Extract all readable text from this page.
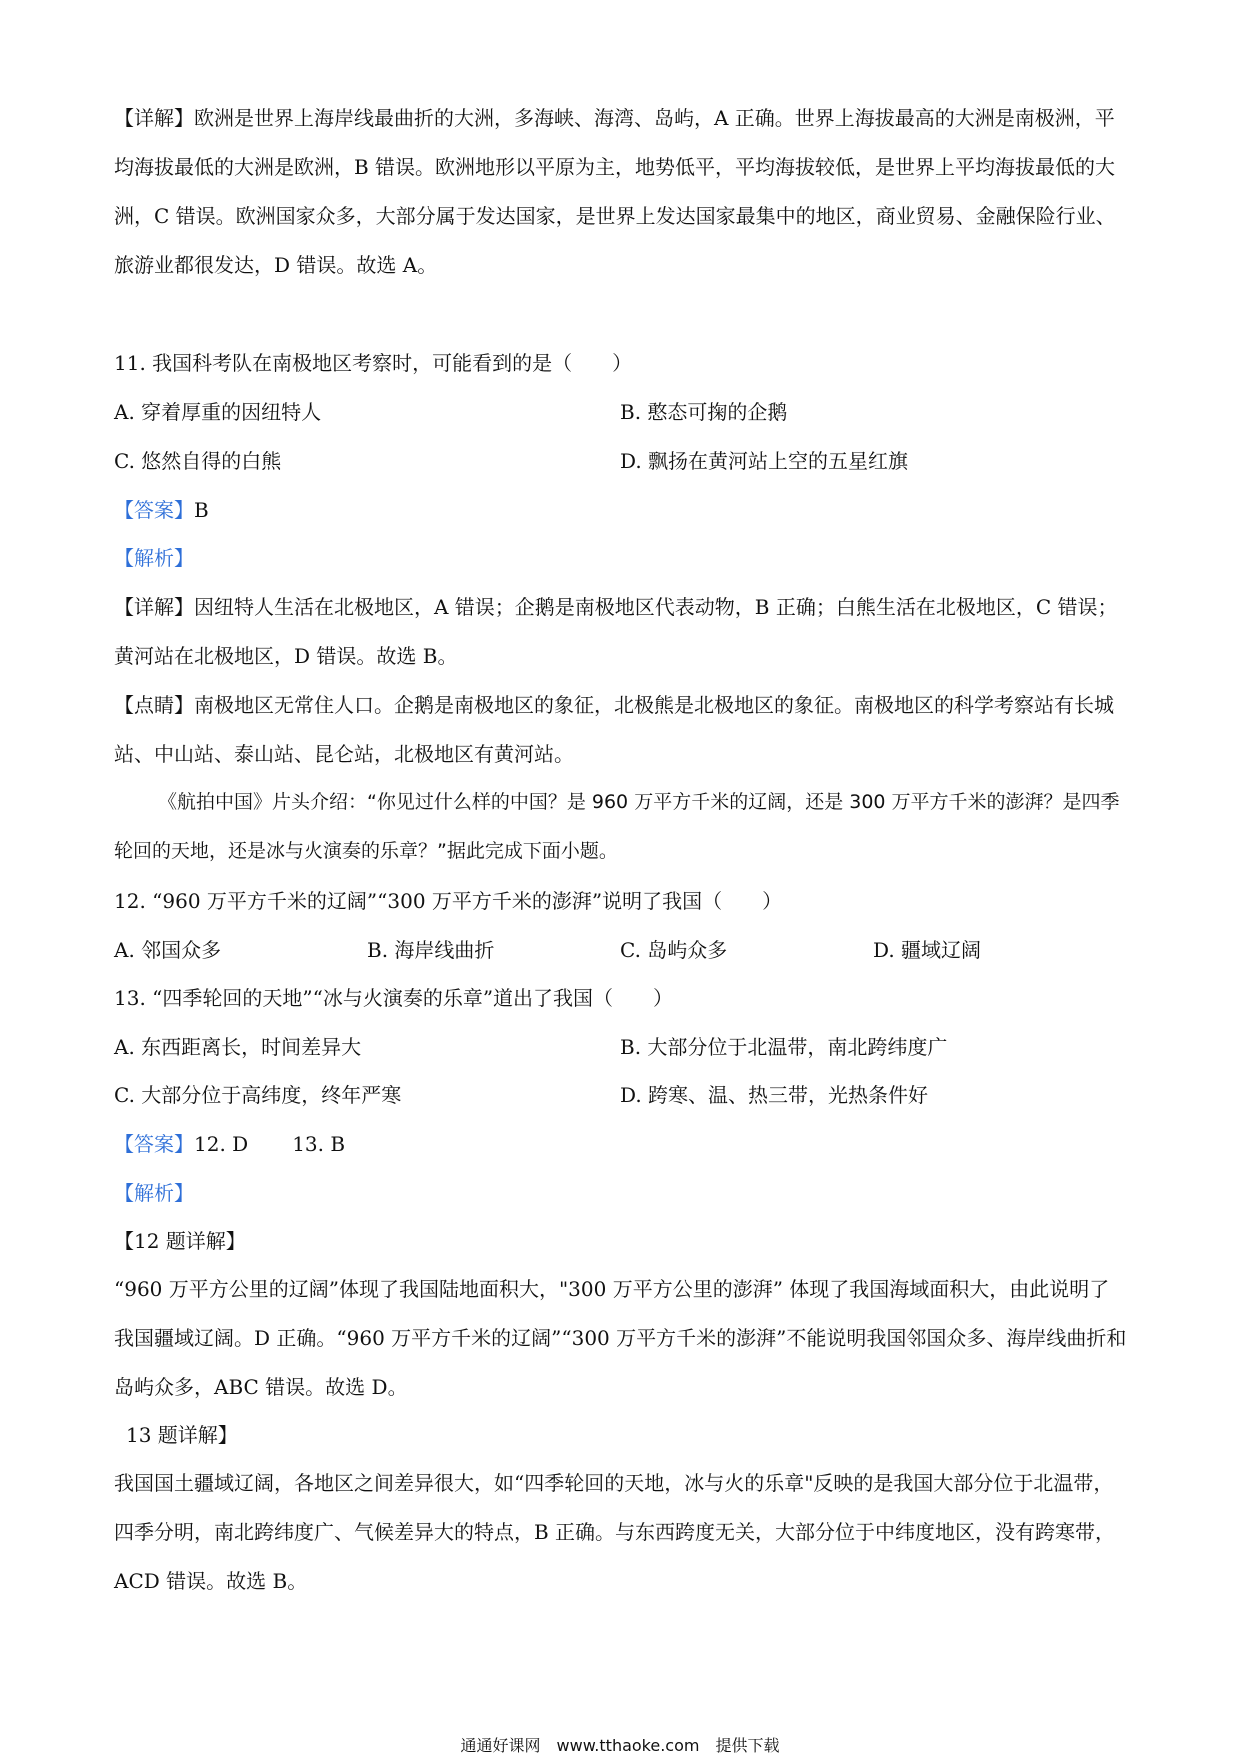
【详解】欧洲是世界上海岸线最曲折的大洲，多海峡、海湾、岛屿，A 正确。世界上海拔最高的大洲是南极洲，平均海拔最低的大洲是欧洲，B 错误。欧洲地形以平原为主，地势低平，平均海拔较低，是世界上平均海拔最低的大洲，C 错误。欧洲国家众多，大部分属于发达国家，是世界上发达国家最集中的地区，商业贸易、金融保险行业、旅游业都很发达，D 错误。故选 A。
11. 我国科考队在南极地区考察时，可能看到的是（　　）
A. 穿着厚重的因纽特人	B. 憨态可掬的企鹅
C. 悠然自得的白熊	D. 飘扬在黄河站上空的五星红旗
【答案】B
【解析】
【详解】因纽特人生活在北极地区，A 错误；企鹅是南极地区代表动物，B 正确；白熊生活在北极地区，C 错误；黄河站在北极地区，D 错误。故选 B。
【点睛】南极地区无常住人口。企鹅是南极地区的象征，北极熊是北极地区的象征。南极地区的科学考察站有长城站、中山站、泰山站、昆仑站，北极地区有黄河站。
《航拍中国》片头介绍：“你见过什么样的中国？是 960 万平方千米的辽阔，还是 300 万平方千米的澎湃？是四季轮回的天地，还是冰与火演奏的乐章？”据此完成下面小题。
12. “960 万平方千米的辽阔”“300 万平方千米的澎湃”说明了我国（　　）
A. 邻国众多	B. 海岸线曲折	C. 岛屿众多	D. 疆域辽阔
13. “四季轮回的天地”“冰与火演奏的乐章”道出了我国（　　）
A. 东西距离长，时间差异大	B. 大部分位于北温带，南北跨纬度广
C. 大部分位于高纬度，终年严寒	D. 跨寒、温、热三带，光热条件好
【答案】12. D 13. B
【解析】
【12 题详解】
“960 万平方公里的辽阔”体现了我国陆地面积大，"300 万平方公里的澎湃” 体现了我国海域面积大，由此说明了我国疆域辽阔。D 正确。“960 万平方千米的辽阔”“300 万平方千米的澎湃”不能说明我国邻国众多、海岸线曲折和岛屿众多，ABC 错误。故选 D。
13 题详解】
我国国土疆域辽阔，各地区之间差异很大，如“四季轮回的天地，冰与火的乐章"反映的是我国大部分位于北温带，四季分明，南北跨纬度广、气候差异大的特点，B 正确。与东西跨度无关，大部分位于中纬度地区，没有跨寒带，ACD 错误。故选 B。
通通好课网　www.tthaoke.com　提供下载
